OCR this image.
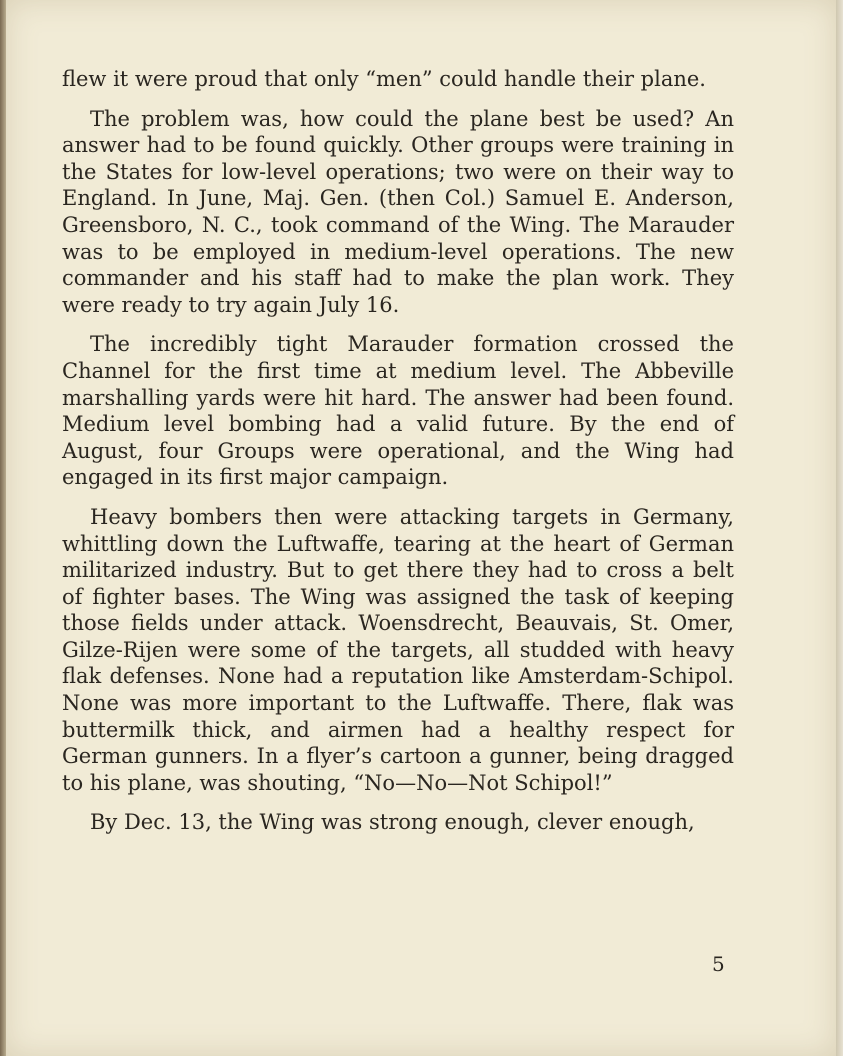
flew it were proud that only “men” could handle their plane.

The problem was, how could the plane best be used? An answer had to be found quickly. Other groups were training in the States for low-level operations; two were on their way to England. In June, Maj. Gen. (then Col.) Samuel E. Anderson, Greensboro, N. C., took command of the Wing. The Marauder was to be employed in medium-level operations. The new commander and his staff had to make the plan work. They were ready to try again July 16.

The incredibly tight Marauder formation crossed the Channel for the first time at medium level. The Abbeville marshalling yards were hit hard. The answer had been found. Medium level bombing had a valid future. By the end of August, four Groups were operational, and the Wing had engaged in its first major campaign.

Heavy bombers then were attacking targets in Germany, whittling down the Luftwaffe, tearing at the heart of German militarized industry. But to get there they had to cross a belt of fighter bases. The Wing was assigned the task of keeping those fields under attack. Woensdrecht, Beauvais, St. Omer, Gilze-Rijen were some of the targets, all studded with heavy flak defenses. None had a reputation like Amsterdam-Schipol. None was more important to the Luftwaffe. There, flak was buttermilk thick, and airmen had a healthy respect for German gunners. In a flyer’s cartoon a gunner, being dragged to his plane, was shouting, “No—No—Not Schipol!”

By Dec. 13, the Wing was strong enough, clever enough,

5
